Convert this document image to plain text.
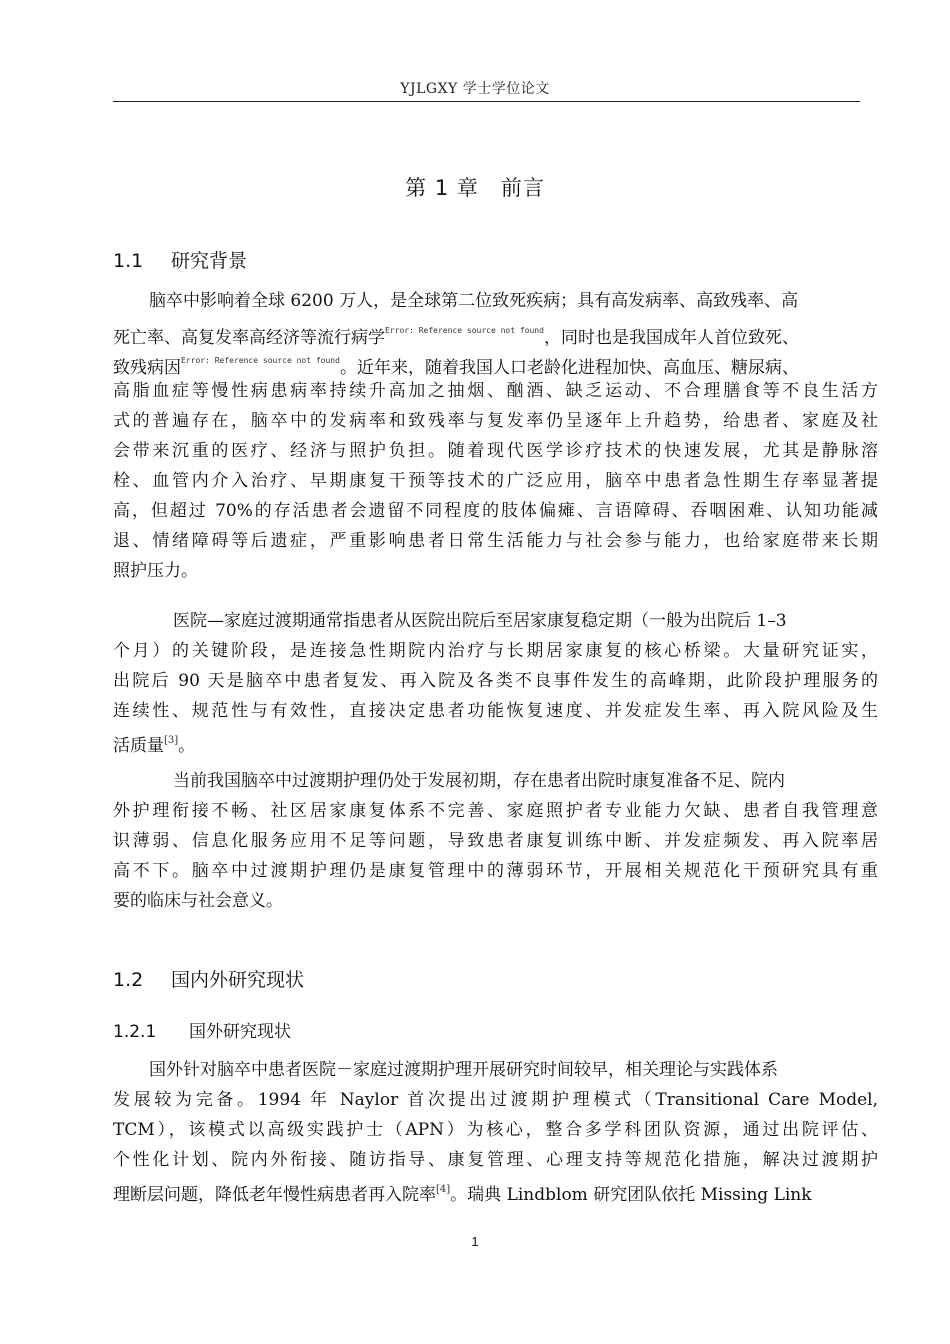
YJLGXY 学士学位论文
第 1 章　前言
1.1 研究背景
脑卒中影响着全球 6200 万人，是全球第二位致死疾病；具有高发病率、高致残率、高
死亡率、高复发率高经济等流行病学$^{Error: Reference source not found}$，同时也是我国成年人首位致死、
致残病因$^{Error: Reference source not found}$。近年来，随着我国人口老龄化进程加快、高血压、糖尿病、
高脂血症等慢性病患病率持续升高加之抽烟、酗酒、缺乏运动、不合理膳食等不良生活方
式的普遍存在，脑卒中的发病率和致残率与复发率仍呈逐年上升趋势，给患者、家庭及社
会带来沉重的医疗、经济与照护负担。随着现代医学诊疗技术的快速发展，尤其是静脉溶
栓、血管内介入治疗、早期康复干预等技术的广泛应用，脑卒中患者急性期生存率显著提
高，但超过 70%的存活患者会遗留不同程度的肢体偏瘫、言语障碍、吞咽困难、认知功能减
退、情绪障碍等后遗症，严重影响患者日常生活能力与社会参与能力，也给家庭带来长期
照护压力。
医院—家庭过渡期通常指患者从医院出院后至居家康复稳定期（一般为出院后 1–3
个月）的关键阶段，是连接急性期院内治疗与长期居家康复的核心桥梁。大量研究证实，
出院后 90 天是脑卒中患者复发、再入院及各类不良事件发生的高峰期，此阶段护理服务的
连续性、规范性与有效性，直接决定患者功能恢复速度、并发症发生率、再入院风险及生
活质量[3]。
当前我国脑卒中过渡期护理仍处于发展初期，存在患者出院时康复准备不足、院内
外护理衔接不畅、社区居家康复体系不完善、家庭照护者专业能力欠缺、患者自我管理意
识薄弱、信息化服务应用不足等问题，导致患者康复训练中断、并发症频发、再入院率居
高不下。脑卒中过渡期护理仍是康复管理中的薄弱环节，开展相关规范化干预研究具有重
要的临床与社会意义。
1.2 国内外研究现状
1.2.1 国外研究现状
国外针对脑卒中患者医院－家庭过渡期护理开展研究时间较早，相关理论与实践体系
发展较为完备。1994 年 Naylor 首次提出过渡期护理模式（Transitional Care Model,
TCM），该模式以高级实践护士（APN）为核心，整合多学科团队资源，通过出院评估、
个性化计划、院内外衔接、随访指导、康复管理、心理支持等规范化措施，解决过渡期护
理断层问题，降低老年慢性病患者再入院率[4]。瑞典 Lindblom 研究团队依托 Missing Link
1
